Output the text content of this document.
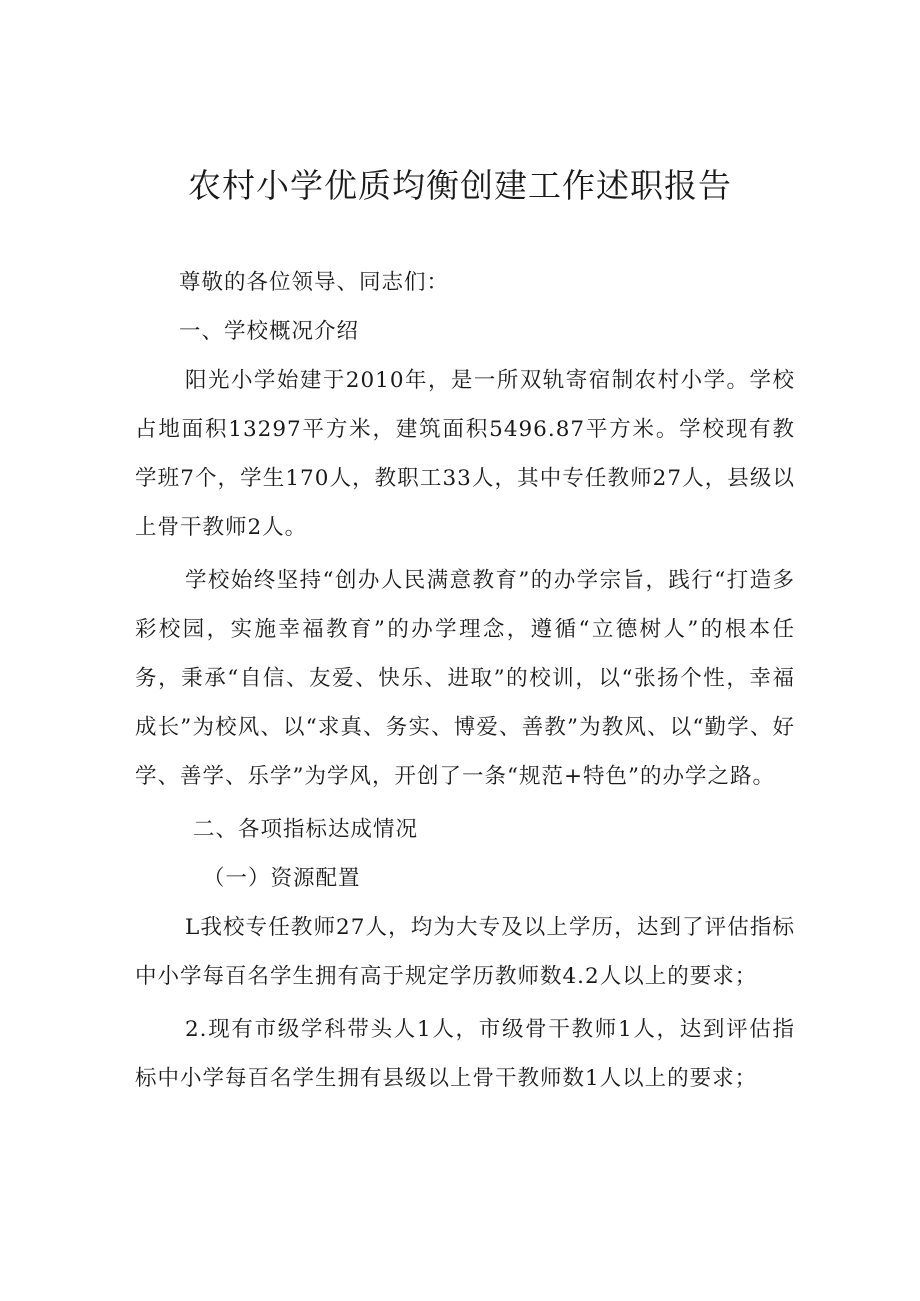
农村小学优质均衡创建工作述职报告

尊敬的各位领导、同志们：

一、学校概况介绍

阳光小学始建于2010年，是一所双轨寄宿制农村小学。学校占地面积13297平方米，建筑面积5496.87平方米。学校现有教学班7个，学生170人，教职工33人，其中专任教师27人，县级以上骨干教师2人。

学校始终坚持“创办人民满意教育”的办学宗旨，践行“打造多彩校园，实施幸福教育”的办学理念，遵循“立德树人”的根本任务，秉承“自信、友爱、快乐、进取”的校训，以“张扬个性，幸福成长”为校风、以“求真、务实、博爱、善教”为教风、以“勤学、好学、善学、乐学”为学风，开创了一条“规范+特色”的办学之路。

二、各项指标达成情况

（一）资源配置

L我校专任教师27人，均为大专及以上学历，达到了评估指标中小学每百名学生拥有高于规定学历教师数4.2人以上的要求；

2.现有市级学科带头人1人，市级骨干教师1人，达到评估指标中小学每百名学生拥有县级以上骨干教师数1人以上的要求；
